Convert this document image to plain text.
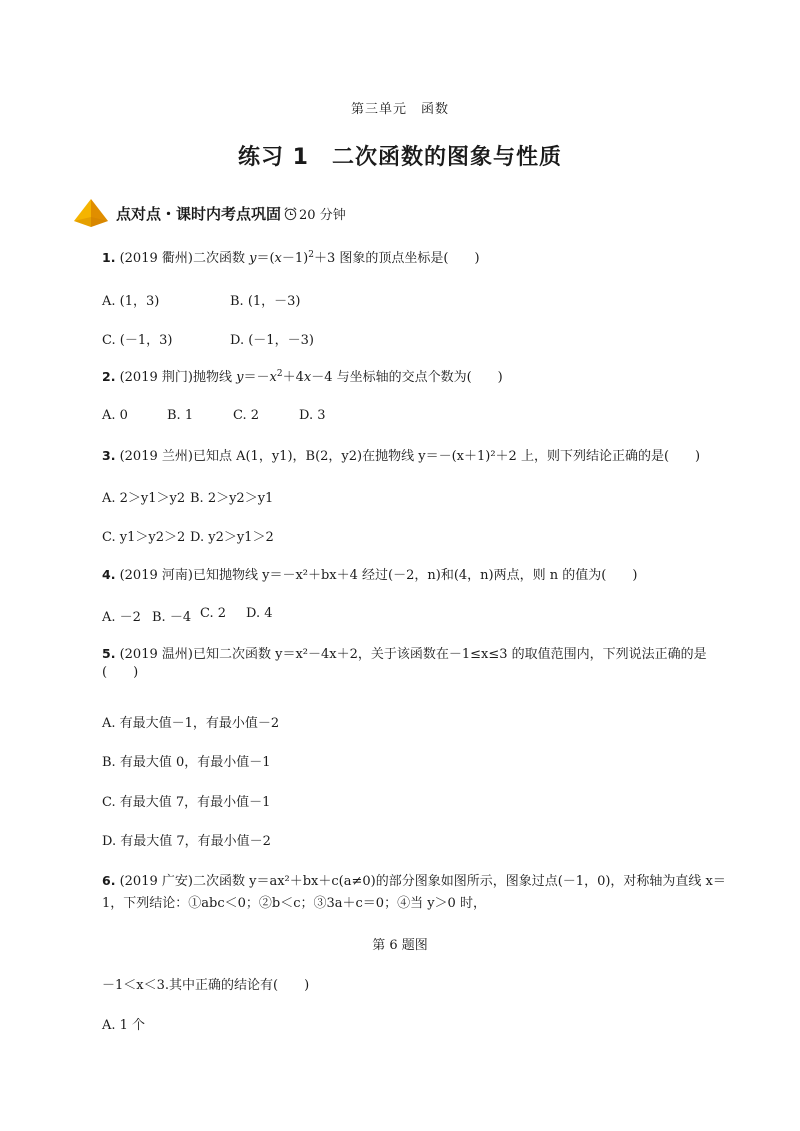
第三单元　函数
练习 1　二次函数的图象与性质
点对点・课时内考点巩固 20 分钟
1. (2019 衢州)二次函数 $y=(x-1)^2+3$ 图象的顶点坐标是(　　)
A. (1，3)	B. (1，－3)
C. (－1，3)	D. (－1，－3)
2. (2019 荆门)抛物线 $y=-x^2+4x-4$ 与坐标轴的交点个数为(　　)
A. 0	B. 1	C. 2	D. 3
3. (2019 兰州)已知点 A(1，y1)，B(2，y2)在抛物线 y＝－(x＋1)²＋2 上，则下列结论正确的是(　　)
A. 2＞y1＞y2 B. 2＞y2＞y1
C. y1＞y2＞2 D. y2＞y1＞2
4. (2019 河南)已知抛物线 y＝－x²＋bx＋4 经过(－2，n)和(4，n)两点，则 n 的值为(　　)
A. －2 B. －4 C. 2 D. 4
5. (2019 温州)已知二次函数 y＝x²－4x＋2，关于该函数在－1≤x≤3 的取值范围内，下列说法正确的是(　　)
A. 有最大值－1，有最小值－2
B. 有最大值 0，有最小值－1
C. 有最大值 7，有最小值－1
D. 有最大值 7，有最小值－2
6. (2019 广安)二次函数 y＝ax²＋bx＋c(a≠0)的部分图象如图所示，图象过点(－1，0)，对称轴为直线 x＝1，下列结论：①abc＜0；②b＜c；③3a＋c＝0；④当 y＞0 时，
第 6 题图
－1＜x＜3.其中正确的结论有(　　)
A. 1 个
